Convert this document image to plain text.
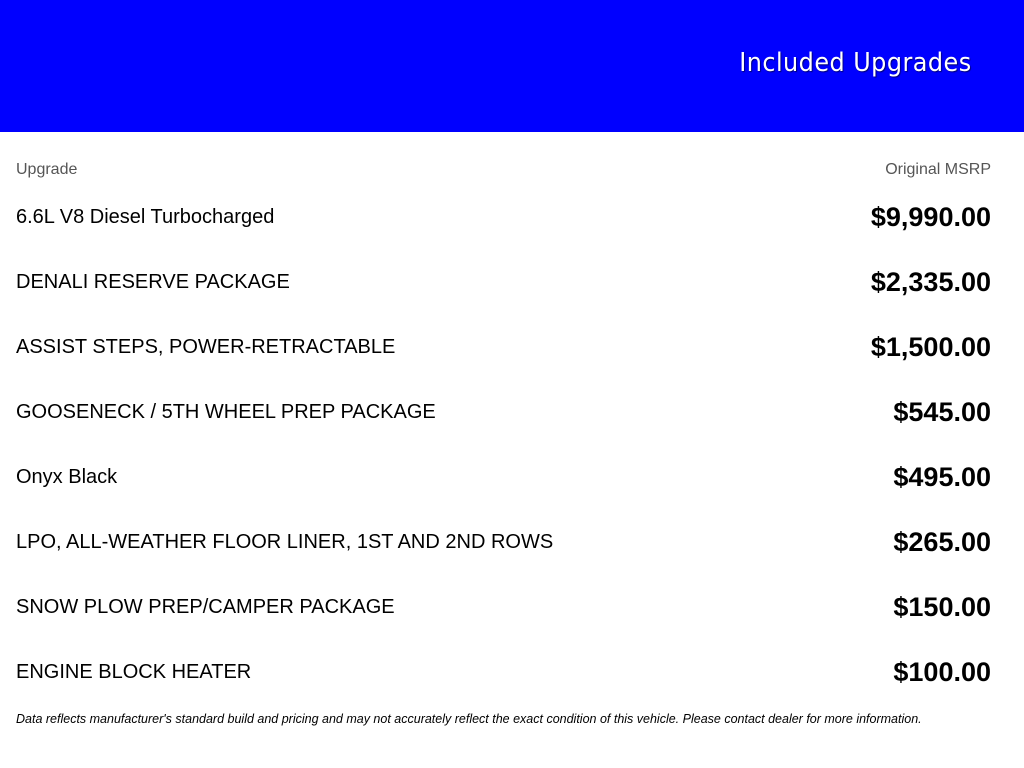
Included Upgrades
Upgrade	Original MSRP
6.6L V8 Diesel Turbocharged	$9,990.00
DENALI RESERVE PACKAGE	$2,335.00
ASSIST STEPS, POWER-RETRACTABLE	$1,500.00
GOOSENECK / 5TH WHEEL PREP PACKAGE	$545.00
Onyx Black	$495.00
LPO, ALL-WEATHER FLOOR LINER, 1ST AND 2ND ROWS	$265.00
SNOW PLOW PREP/CAMPER PACKAGE	$150.00
ENGINE BLOCK HEATER	$100.00
Data reflects manufacturer's standard build and pricing and may not accurately reflect the exact condition of this vehicle. Please contact dealer for more information.
